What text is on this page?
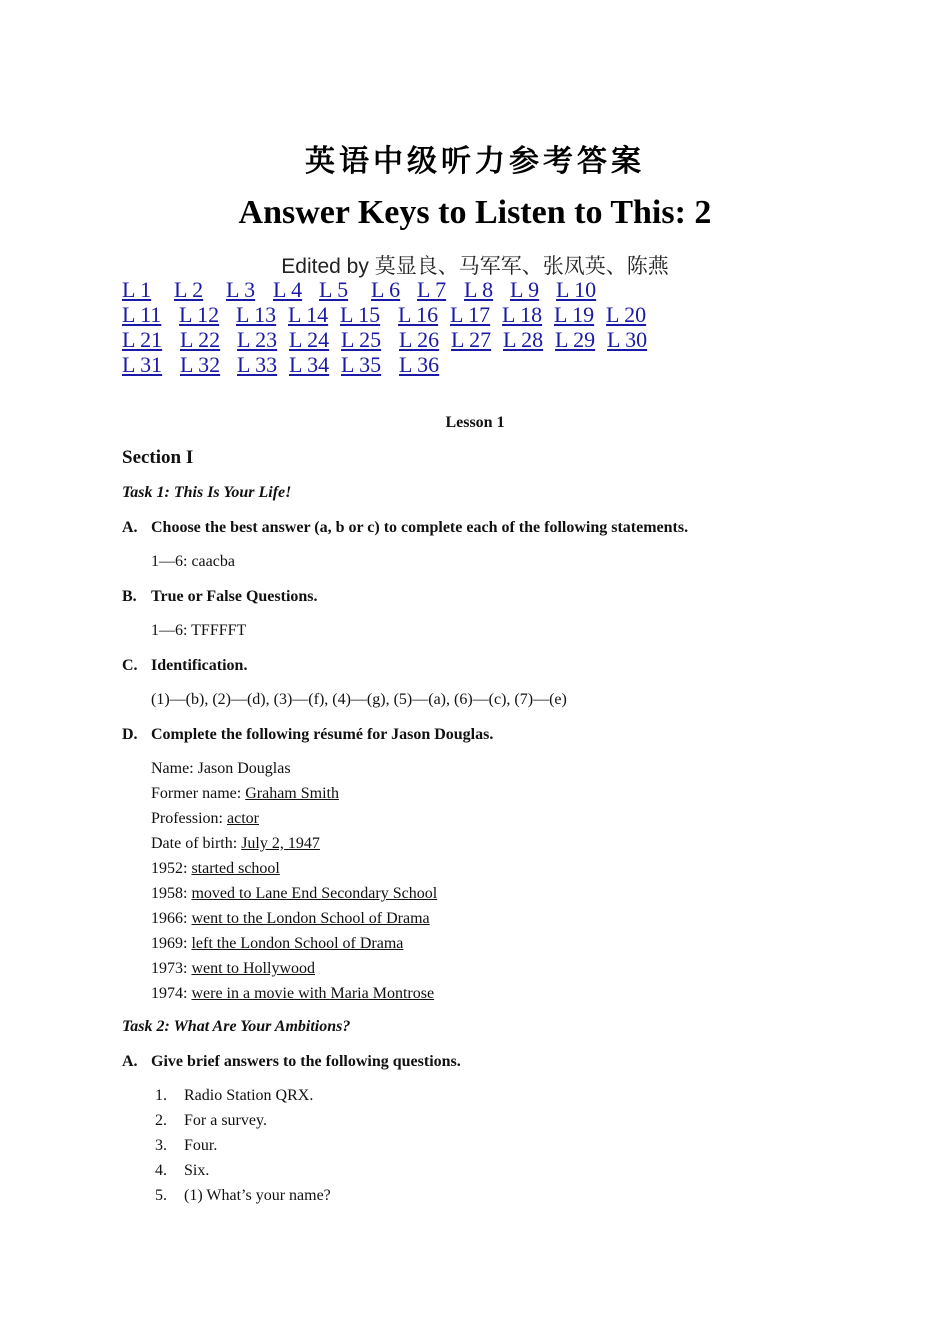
英语中级听力参考答案
Answer Keys to Listen to This: 2
Edited by 莫显良、马军军、张凤英、陈燕
L 1 L 2 L 3 L 4 L 5 L 6 L 7 L 8 L 9 L 10
L 11 L 12 L 13 L 14 L 15 L 16 L 17 L 18 L 19 L 20
L 21 L 22 L 23 L 24 L 25 L 26 L 27 L 28 L 29 L 30
L 31 L 32 L 33 L 34 L 35 L 36
Lesson 1
Section I
Task 1: This Is Your Life!
A. Choose the best answer (a, b or c) to complete each of the following statements.
1—6: caacba
B. True or False Questions.
1—6: TFFFFT
C. Identification.
(1)—(b), (2)—(d), (3)—(f), (4)—(g), (5)—(a), (6)—(c), (7)—(e)
D. Complete the following résumé for Jason Douglas.
Name: Jason Douglas
Former name: Graham Smith
Profession: actor
Date of birth: July 2, 1947
1952: started school
1958: moved to Lane End Secondary School
1966: went to the London School of Drama
1969: left the London School of Drama
1973: went to Hollywood
1974: were in a movie with Maria Montrose
Task 2: What Are Your Ambitions?
A. Give brief answers to the following questions.
1. Radio Station QRX.
2. For a survey.
3. Four.
4. Six.
5. (1) What’s your name?
